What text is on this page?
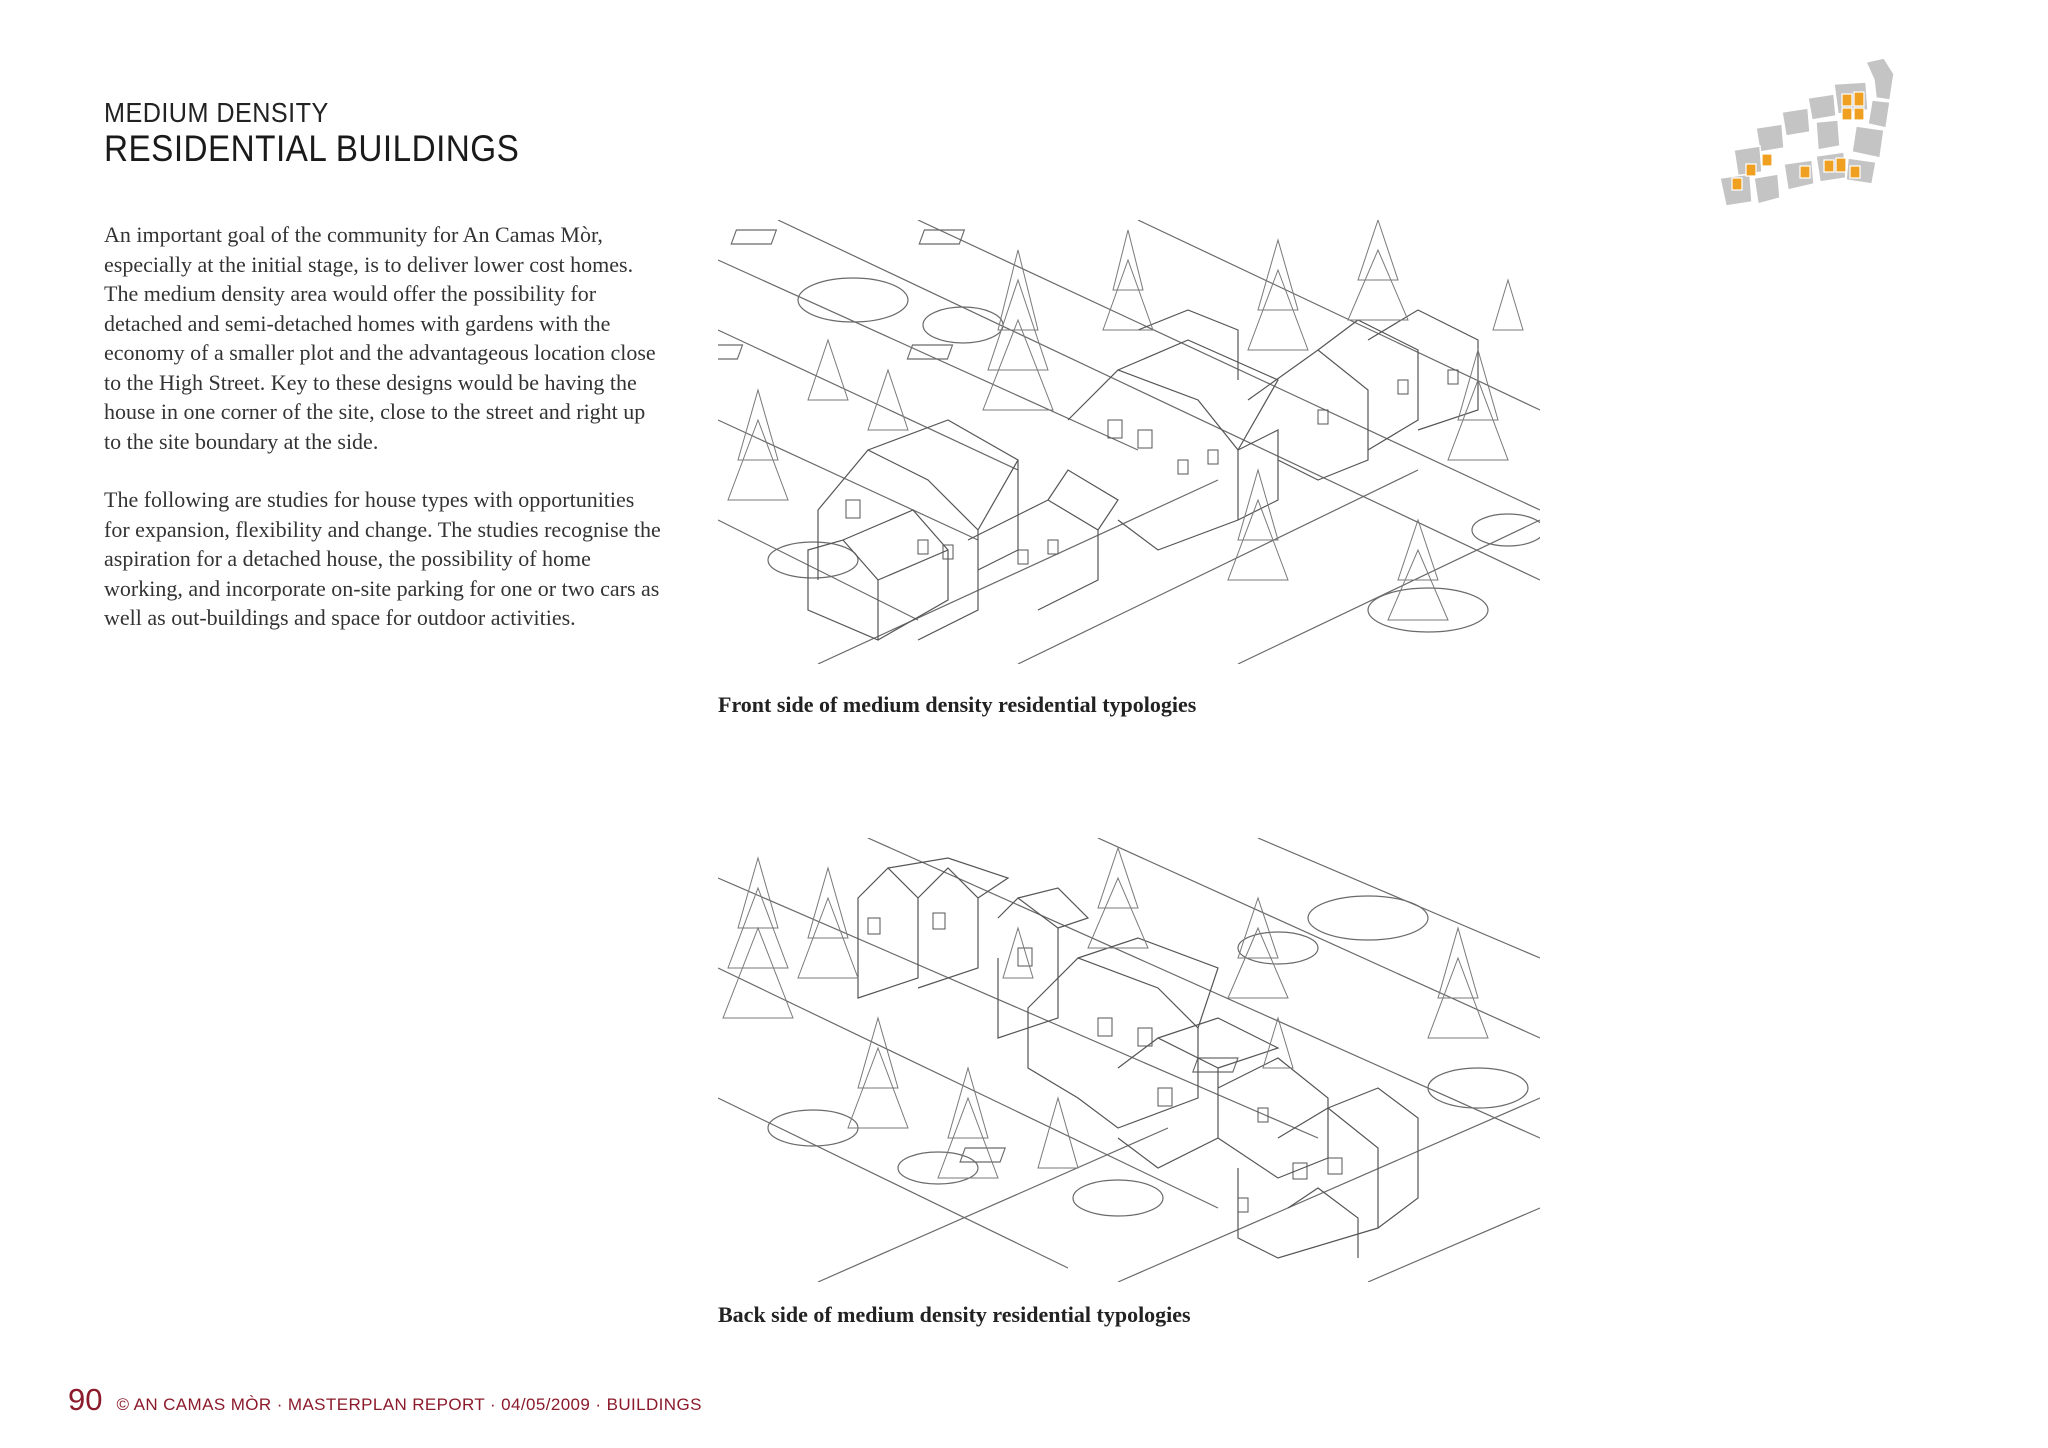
MEDIUM DENSITY
RESIDENTIAL BUILDINGS

An important goal of the community for An Camas Mòr, especially at the initial stage, is to deliver lower cost homes. The medium density area would offer the possibility for detached and semi-detached homes with gardens with the economy of a smaller plot and the advantageous location close to the High Street. Key to these designs would be having the house in one corner of the site, close to the street and right up to the site boundary at the side.

The following are studies for house types with opportunities for expansion, flexibility and change. The studies recognise the aspiration for a detached house, the possibility of home working, and incorporate on-site parking for one or two cars as well as out-buildings and space for outdoor activities.

Front side of medium density residential typologies
Back side of medium density residential typologies
90 © AN CAMAS MÒR · MASTERPLAN REPORT · 04/05/2009 · BUILDINGS
